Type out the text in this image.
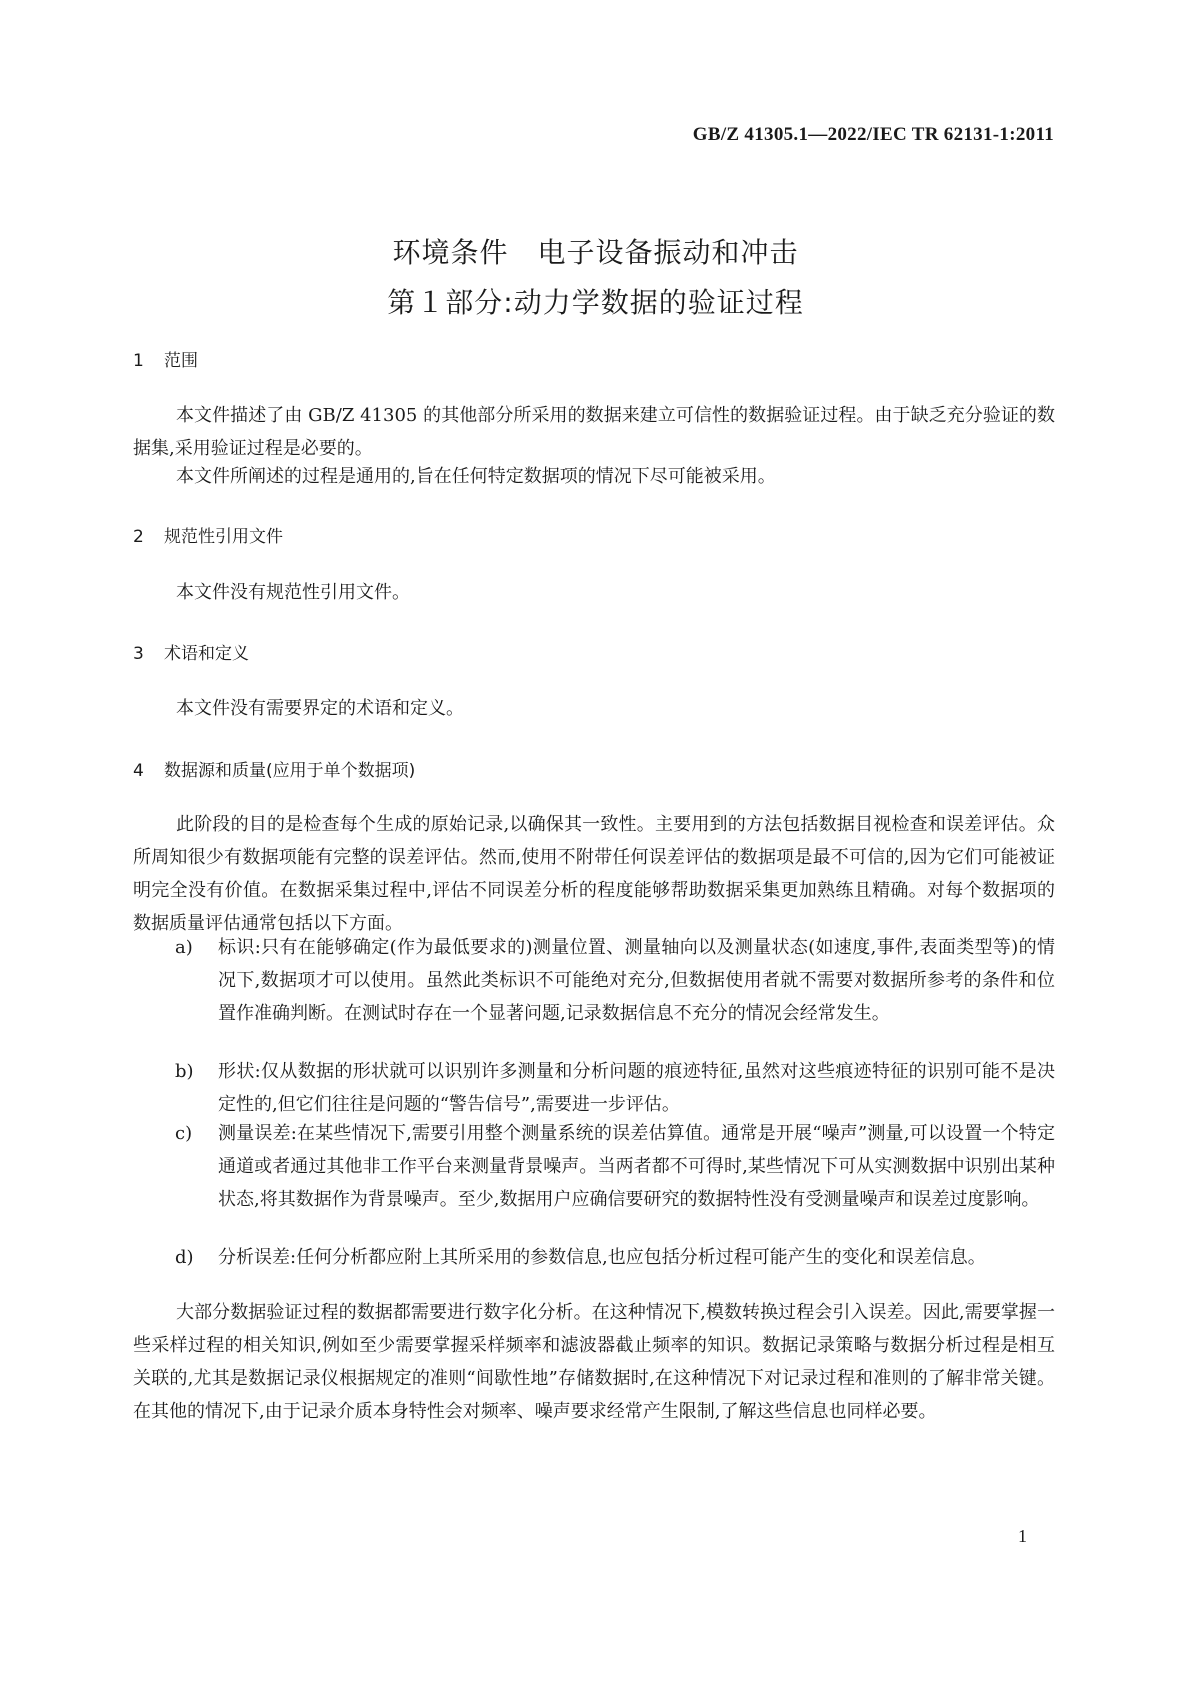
GB/Z 41305.1—2022/IEC TR 62131-1:2011
环境条件　电子设备振动和冲击
第１部分:动力学数据的验证过程
1 范围
本文件描述了由 GB/Z 41305 的其他部分所采用的数据来建立可信性的数据验证过程。由于缺乏充分验证的数据集,采用验证过程是必要的。
本文件所阐述的过程是通用的,旨在任何特定数据项的情况下尽可能被采用。
2 规范性引用文件
本文件没有规范性引用文件。
3 术语和定义
本文件没有需要界定的术语和定义。
4 数据源和质量(应用于单个数据项)
此阶段的目的是检查每个生成的原始记录,以确保其一致性。主要用到的方法包括数据目视检查和误差评估。众所周知很少有数据项能有完整的误差评估。然而,使用不附带任何误差评估的数据项是最不可信的,因为它们可能被证明完全没有价值。在数据采集过程中,评估不同误差分析的程度能够帮助数据采集更加熟练且精确。对每个数据项的数据质量评估通常包括以下方面。
a)	标识:只有在能够确定(作为最低要求的)测量位置、测量轴向以及测量状态(如速度,事件,表面类型等)的情况下,数据项才可以使用。虽然此类标识不可能绝对充分,但数据使用者就不需要对数据所参考的条件和位置作准确判断。在测试时存在一个显著问题,记录数据信息不充分的情况会经常发生。
b)	形状:仅从数据的形状就可以识别许多测量和分析问题的痕迹特征,虽然对这些痕迹特征的识别可能不是决定性的,但它们往往是问题的“警告信号”,需要进一步评估。
c)	测量误差:在某些情况下,需要引用整个测量系统的误差估算值。通常是开展“噪声”测量,可以设置一个特定通道或者通过其他非工作平台来测量背景噪声。当两者都不可得时,某些情况下可从实测数据中识别出某种状态,将其数据作为背景噪声。至少,数据用户应确信要研究的数据特性没有受测量噪声和误差过度影响。
d)	分析误差:任何分析都应附上其所采用的参数信息,也应包括分析过程可能产生的变化和误差信息。
大部分数据验证过程的数据都需要进行数字化分析。在这种情况下,模数转换过程会引入误差。因此,需要掌握一些采样过程的相关知识,例如至少需要掌握采样频率和滤波器截止频率的知识。数据记录策略与数据分析过程是相互关联的,尤其是数据记录仪根据规定的准则“间歇性地”存储数据时,在这种情况下对记录过程和准则的了解非常关键。在其他的情况下,由于记录介质本身特性会对频率、噪声要求经常产生限制,了解这些信息也同样必要。
1
